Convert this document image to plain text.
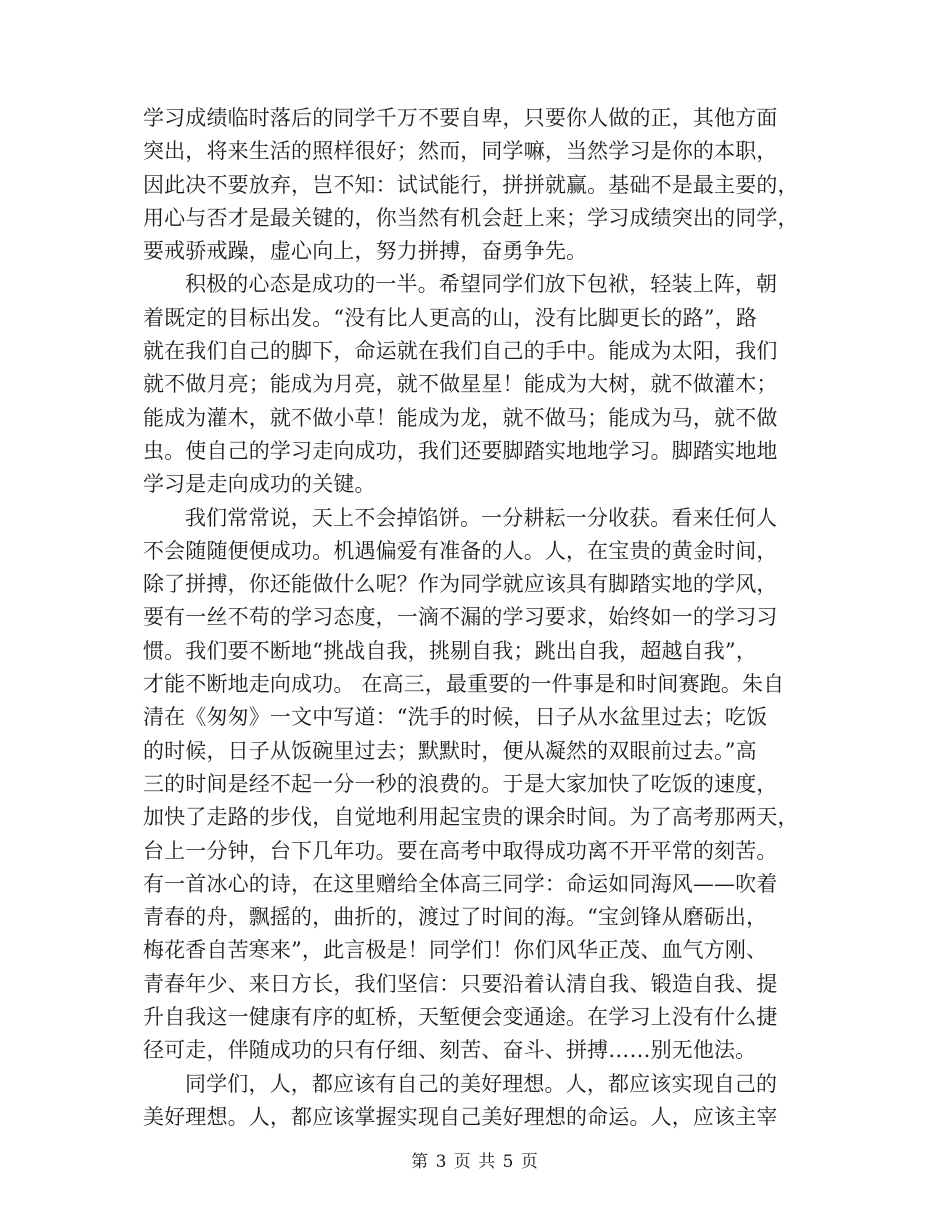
学习成绩临时落后的同学千万不要自卑，只要你人做的正，其他方面
突出，将来生活的照样很好；然而，同学嘛，当然学习是你的本职，
因此决不要放弃，岂不知：试试能行，拼拼就赢。基础不是最主要的，
用心与否才是最关键的，你当然有机会赶上来；学习成绩突出的同学，
要戒骄戒躁，虚心向上，努力拼搏，奋勇争先。
积极的心态是成功的一半。希望同学们放下包袱，轻装上阵，朝
着既定的目标出发。“没有比人更高的山，没有比脚更长的路”，路
就在我们自己的脚下，命运就在我们自己的手中。能成为太阳，我们
就不做月亮；能成为月亮，就不做星星！能成为大树，就不做灌木；
能成为灌木，就不做小草！能成为龙，就不做马；能成为马，就不做
虫。使自己的学习走向成功，我们还要脚踏实地地学习。脚踏实地地
学习是走向成功的关键。
我们常常说，天上不会掉馅饼。一分耕耘一分收获。看来任何人
不会随随便便成功。机遇偏爱有准备的人。人，在宝贵的黄金时间，
除了拼搏，你还能做什么呢？作为同学就应该具有脚踏实地的学风，
要有一丝不苟的学习态度，一滴不漏的学习要求，始终如一的学习习
惯。我们要不断地“挑战自我，挑剔自我；跳出自我，超越自我”，
才能不断地走向成功。 在高三，最重要的一件事是和时间赛跑。朱自
清在《匆匆》一文中写道：“洗手的时候，日子从水盆里过去；吃饭
的时候，日子从饭碗里过去；默默时，便从凝然的双眼前过去。”高
三的时间是经不起一分一秒的浪费的。于是大家加快了吃饭的速度，
加快了走路的步伐，自觉地利用起宝贵的课余时间。为了高考那两天，
台上一分钟，台下几年功。要在高考中取得成功离不开平常的刻苦。
有一首冰心的诗，在这里赠给全体高三同学：命运如同海风——吹着
青春的舟，飘摇的，曲折的，渡过了时间的海。“宝剑锋从磨砺出，
梅花香自苦寒来”，此言极是！同学们！你们风华正茂、血气方刚、
青春年少、来日方长，我们坚信：只要沿着认清自我、锻造自我、提
升自我这一健康有序的虹桥，天堑便会变通途。在学习上没有什么捷
径可走，伴随成功的只有仔细、刻苦、奋斗、拼搏……别无他法。
同学们，人，都应该有自己的美好理想。人，都应该实现自己的
美好理想。人，都应该掌握实现自己美好理想的命运。人，应该主宰
第 3 页 共 5 页
